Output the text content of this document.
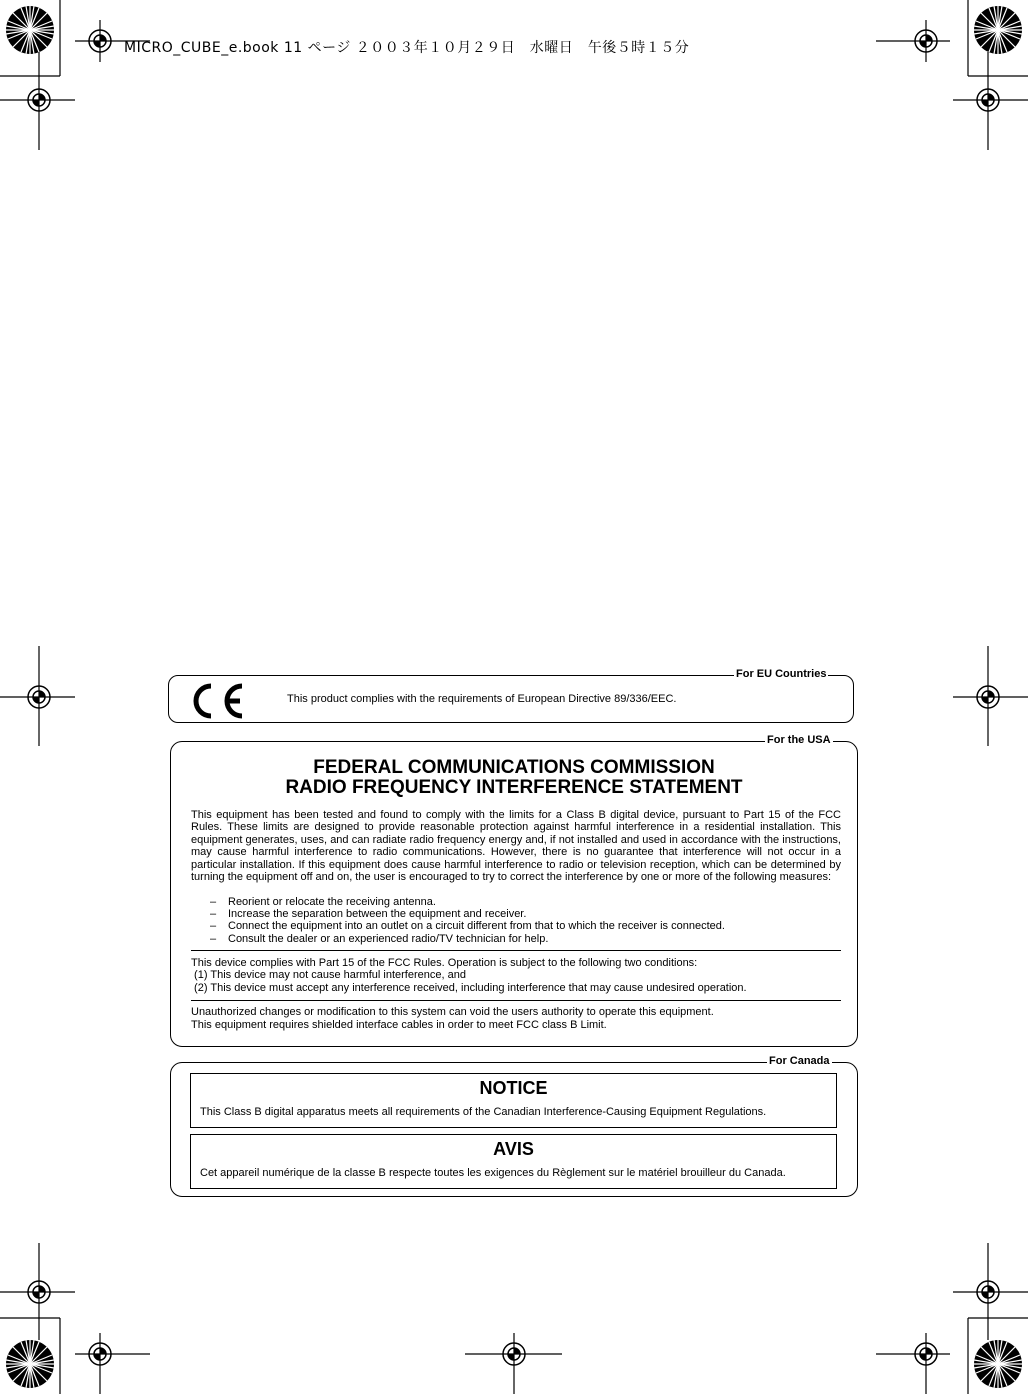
MICRO_CUBE_e.book 11 ページ ２００３年１０月２９日　水曜日　午後５時１５分
This product complies with the requirements of European Directive 89/336/EEC.
For EU Countries
FEDERAL COMMUNICATIONS COMMISSION
RADIO FREQUENCY INTERFERENCE STATEMENT
This equipment has been tested and found to comply with the limits for a Class B digital device, pursuant to Part 15 of the FCC Rules. These limits are designed to provide reasonable protection against harmful interference in a residential installation. This equipment generates, uses, and can radiate radio frequency energy and, if not installed and used in accordance with the instructions, may cause harmful interference to radio communications. However, there is no guarantee that interference will not occur in a particular installation. If this equipment does cause harmful interference to radio or television reception, which can be determined by turning the equipment off and on, the user is encouraged to try to correct the interference by one or more of the following measures:
– Reorient or relocate the receiving antenna.
– Increase the separation between the equipment and receiver.
– Connect the equipment into an outlet on a circuit different from that to which the receiver is connected.
– Consult the dealer or an experienced radio/TV technician for help.
This device complies with Part 15 of the FCC Rules. Operation is subject to the following two conditions:
(1) This device may not cause harmful interference, and
(2) This device must accept any interference received, including interference that may cause undesired operation.
Unauthorized changes or modification to this system can void the users authority to operate this equipment.
This equipment requires shielded interface cables in order to meet FCC class B Limit.
For the USA
NOTICE
This Class B digital apparatus meets all requirements of the Canadian Interference-Causing Equipment Regulations.
AVIS
Cet appareil numérique de la classe B respecte toutes les exigences du Règlement sur le matériel brouilleur du Canada.
For Canada
